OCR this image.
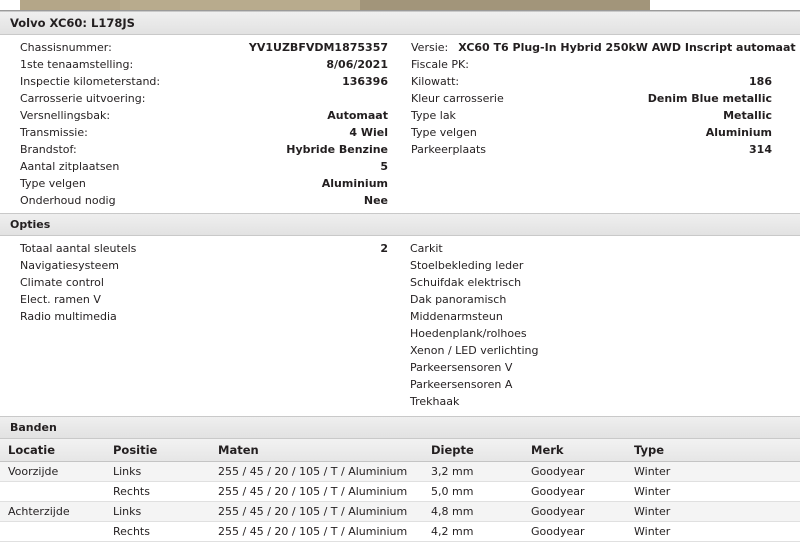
Volvo XC60: L178JS
Chassisnummer:	YV1UZBFVDM1875357
1ste tenaamstelling:	8/06/2021
Inspectie kilometerstand:	136396
Carrosserie uitvoering:
Versnellingsbak:	Automaat
Transmissie:	4 Wiel
Brandstof:	Hybride Benzine
Aantal zitplaatsen	5
Type velgen	Aluminium
Onderhoud nodig	Nee
Versie: XC60 T6 Plug-In Hybrid 250kW AWD Inscript automaat
Fiscale PK:
Kilowatt:	186
Kleur carrosserie	Denim Blue metallic
Type lak	Metallic
Type velgen	Aluminium
Parkeerplaats	314
Opties
Totaal aantal sleutels	2
Navigatiesysteem
Climate control
Elect. ramen V
Radio multimedia
Carkit
Stoelbekleding leder
Schuifdak elektrisch
Dak panoramisch
Middenarmsteun
Hoedenplank/rolhoes
Xenon / LED verlichting
Parkeersensoren V
Parkeersensoren A
Trekhaak
Banden
Locatie	Positie	Maten	Diepte	Merk	Type
Voorzijde	Links	255 / 45 / 20 / 105 / T / Aluminium	3,2 mm	Goodyear	Winter
	Rechts	255 / 45 / 20 / 105 / T / Aluminium	5,0 mm	Goodyear	Winter
Achterzijde	Links	255 / 45 / 20 / 105 / T / Aluminium	4,8 mm	Goodyear	Winter
	Rechts	255 / 45 / 20 / 105 / T / Aluminium	4,2 mm	Goodyear	Winter
